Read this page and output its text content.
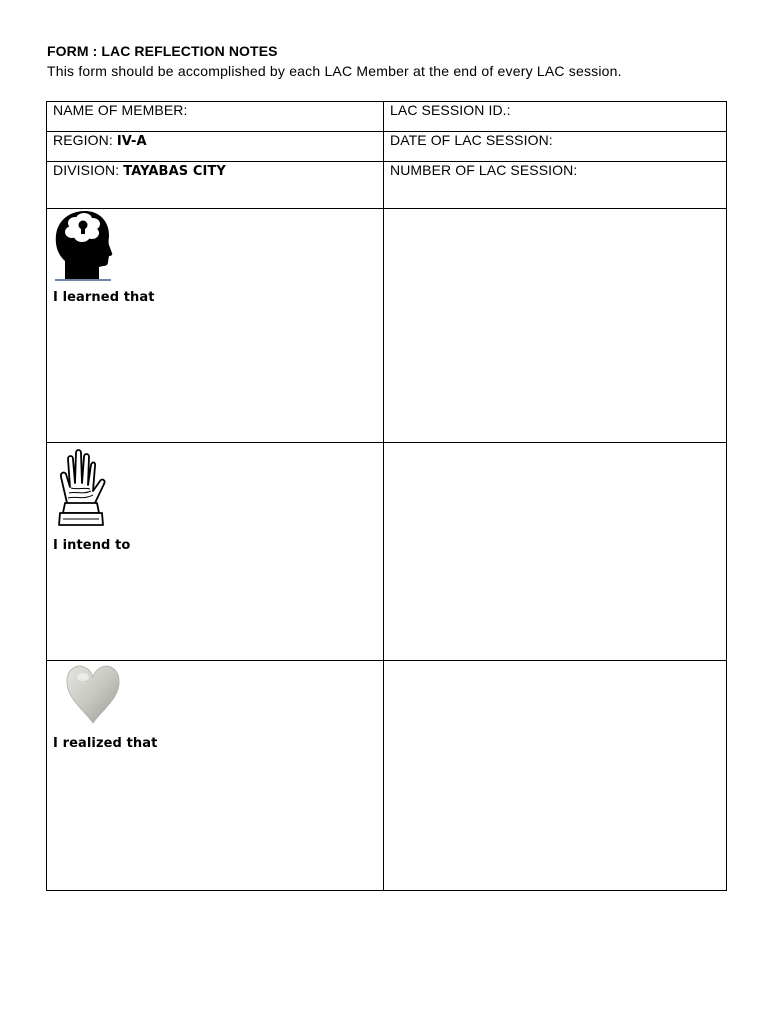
FORM : LAC REFLECTION NOTES
This form should be accomplished by each LAC Member at the end of every LAC session.
NAME OF MEMBER:	LAC SESSION ID.:
REGION: IV-A	DATE OF LAC SESSION:
DIVISION: TAYABAS CITY	NUMBER OF LAC SESSION:

I learned that	

I intend to	

I realized that	
